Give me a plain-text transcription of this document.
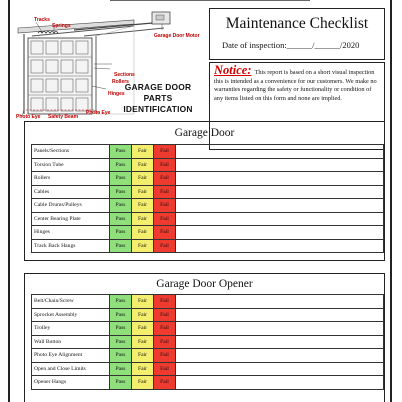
Tracks
Springs
Garage Door Motor
Sections
Rollers
Hinges
Safety Beam
Photo Eye
Photo Eye
GARAGE DOOR
PARTS
IDENTIFICATION
Maintenance Checklist
Date of inspection:______/______/2020
Notice: This report is based on a short visual inspection this is intended as a convenience for our customers. We make no warranties regarding the safety or functionality or condition of any items listed on this form and none are implied.
Garage Door
Panels/Sections	Pass	Fair	Fail	
Torsion Tube	Pass	Fair	Fail	
Rollers	Pass	Fair	Fail	
Cables	Pass	Fair	Fail	
Cable Drums/Pulleys	Pass	Fair	Fail	
Center Bearing Plate	Pass	Fair	Fail	
Hinges	Pass	Fair	Fail	
Track Back Hangs	Pass	Fair	Fail	
Garage Door Opener
Belt/Chain/Screw	Pass	Fair	Fail	
Sprocket Assembly	Pass	Fair	Fail	
Trolley	Pass	Fair	Fail	
Wall Button	Pass	Fair	Fail	
Photo Eye Alignment	Pass	Fair	Fail	
Open and Close Limits	Pass	Fair	Fail	
Opener Hangs	Pass	Fair	Fail	
